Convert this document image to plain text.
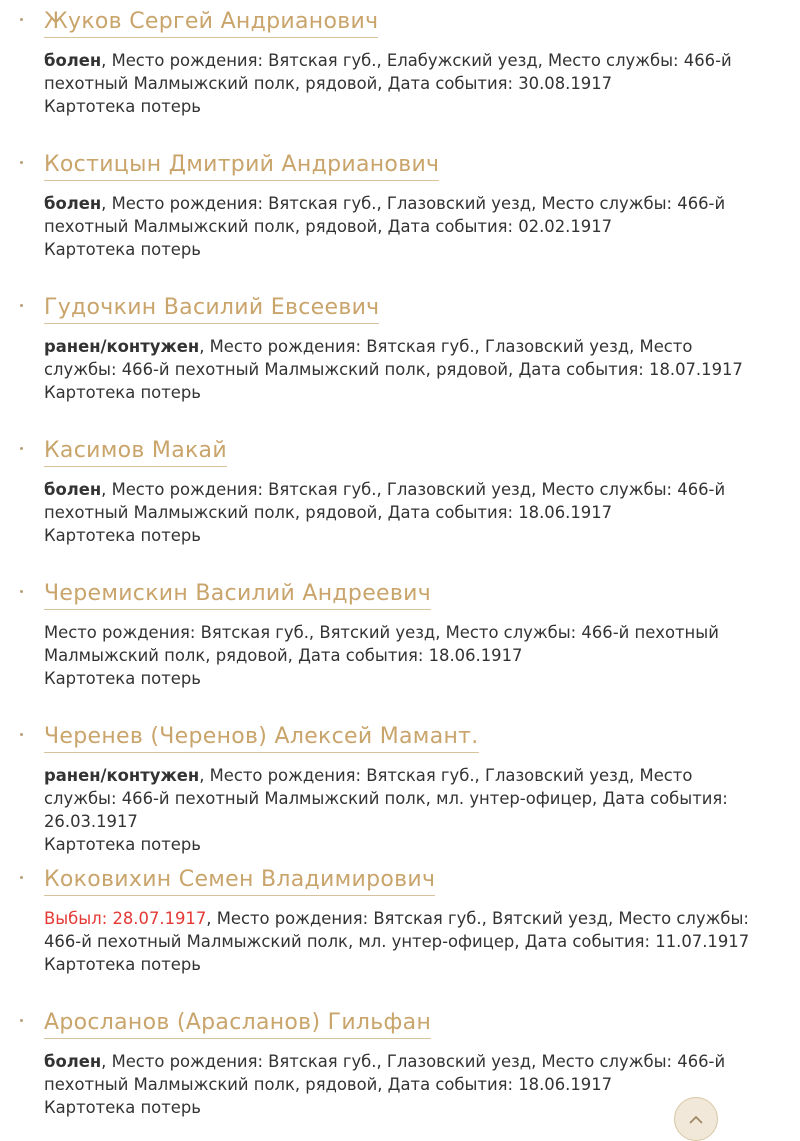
Жуков Сергей Андрианович
болен, Место рождения: Вятская губ., Елабужский уезд, Место службы: 466-й пехотный Малмыжский полк, рядовой, Дата события: 30.08.1917
Картотека потерь
Костицын Дмитрий Андрианович
болен, Место рождения: Вятская губ., Глазовский уезд, Место службы: 466-й пехотный Малмыжский полк, рядовой, Дата события: 02.02.1917
Картотека потерь
Гудочкин Василий Евсеевич
ранен/контужен, Место рождения: Вятская губ., Глазовский уезд, Место службы: 466-й пехотный Малмыжский полк, рядовой, Дата события: 18.07.1917
Картотека потерь
Касимов Макай
болен, Место рождения: Вятская губ., Глазовский уезд, Место службы: 466-й пехотный Малмыжский полк, рядовой, Дата события: 18.06.1917
Картотека потерь
Черемискин Василий Андреевич
Место рождения: Вятская губ., Вятский уезд, Место службы: 466-й пехотный Малмыжский полк, рядовой, Дата события: 18.06.1917
Картотека потерь
Черенев (Черенов) Алексей Мамант.
ранен/контужен, Место рождения: Вятская губ., Глазовский уезд, Место службы: 466-й пехотный Малмыжский полк, мл. унтер-офицер, Дата события: 26.03.1917
Картотека потерь
Коковихин Семен Владимирович
Выбыл: 28.07.1917, Место рождения: Вятская губ., Вятский уезд, Место службы: 466-й пехотный Малмыжский полк, мл. унтер-офицер, Дата события: 11.07.1917
Картотека потерь
Аросланов (Арасланов) Гильфан
болен, Место рождения: Вятская губ., Глазовский уезд, Место службы: 466-й пехотный Малмыжский полк, рядовой, Дата события: 18.06.1917
Картотека потерь
